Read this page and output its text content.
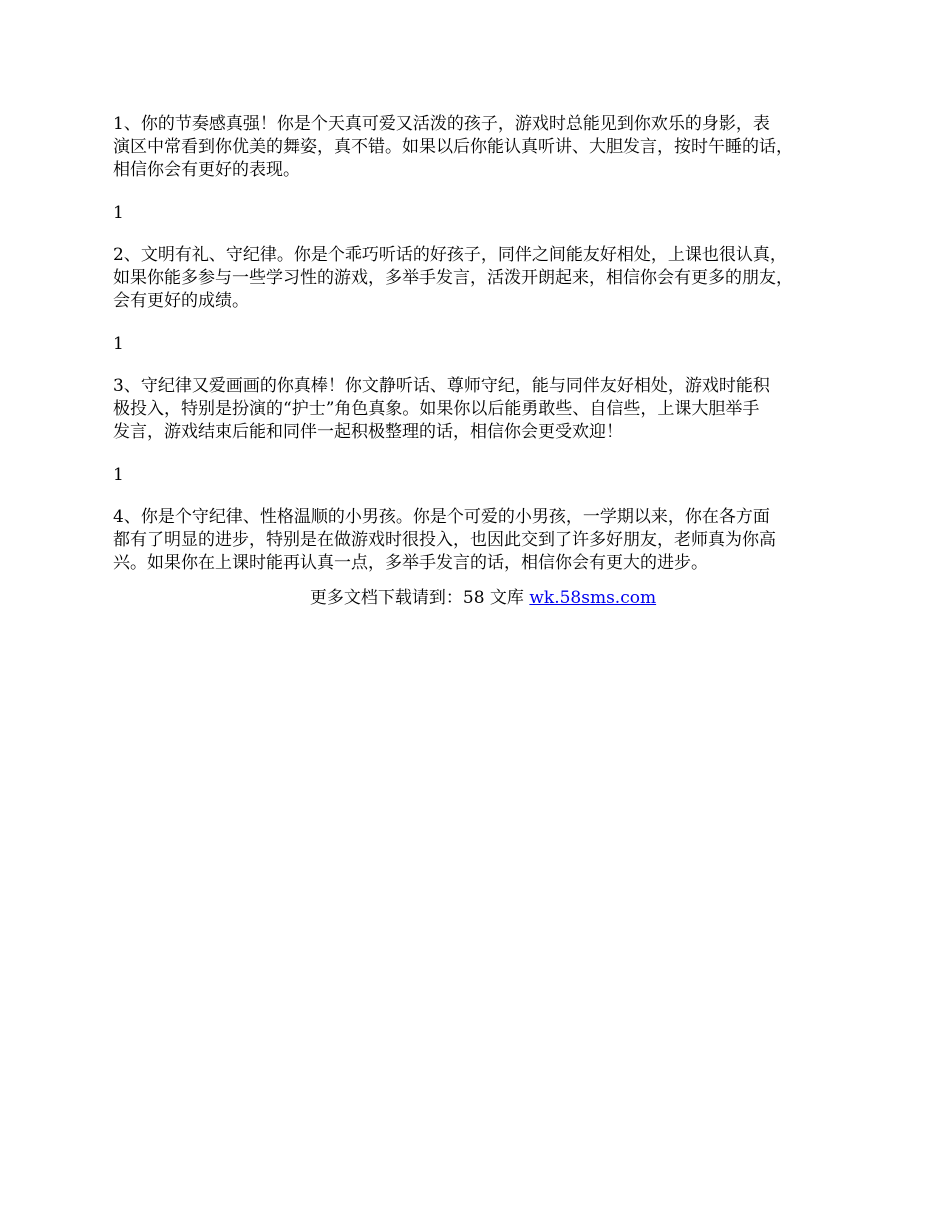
1、你的节奏感真强！你是个天真可爱又活泼的孩子，游戏时总能见到你欢乐的身影，表
演区中常看到你优美的舞姿，真不错。如果以后你能认真听讲、大胆发言，按时午睡的话，
相信你会有更好的表现。

1

2、文明有礼、守纪律。你是个乖巧听话的好孩子，同伴之间能友好相处，上课也很认真，
如果你能多参与一些学习性的游戏，多举手发言，活泼开朗起来，相信你会有更多的朋友，
会有更好的成绩。

1

3、守纪律又爱画画的你真棒！你文静听话、尊师守纪，能与同伴友好相处，游戏时能积
极投入，特别是扮演的“护士”角色真象。如果你以后能勇敢些、自信些，上课大胆举手
发言，游戏结束后能和同伴一起积极整理的话，相信你会更受欢迎！

1

4、你是个守纪律、性格温顺的小男孩。你是个可爱的小男孩，一学期以来，你在各方面
都有了明显的进步，特别是在做游戏时很投入，也因此交到了许多好朋友，老师真为你高
兴。如果你在上课时能再认真一点，多举手发言的话，相信你会有更大的进步。

更多文档下载请到：58 文库 wk.58sms.com
